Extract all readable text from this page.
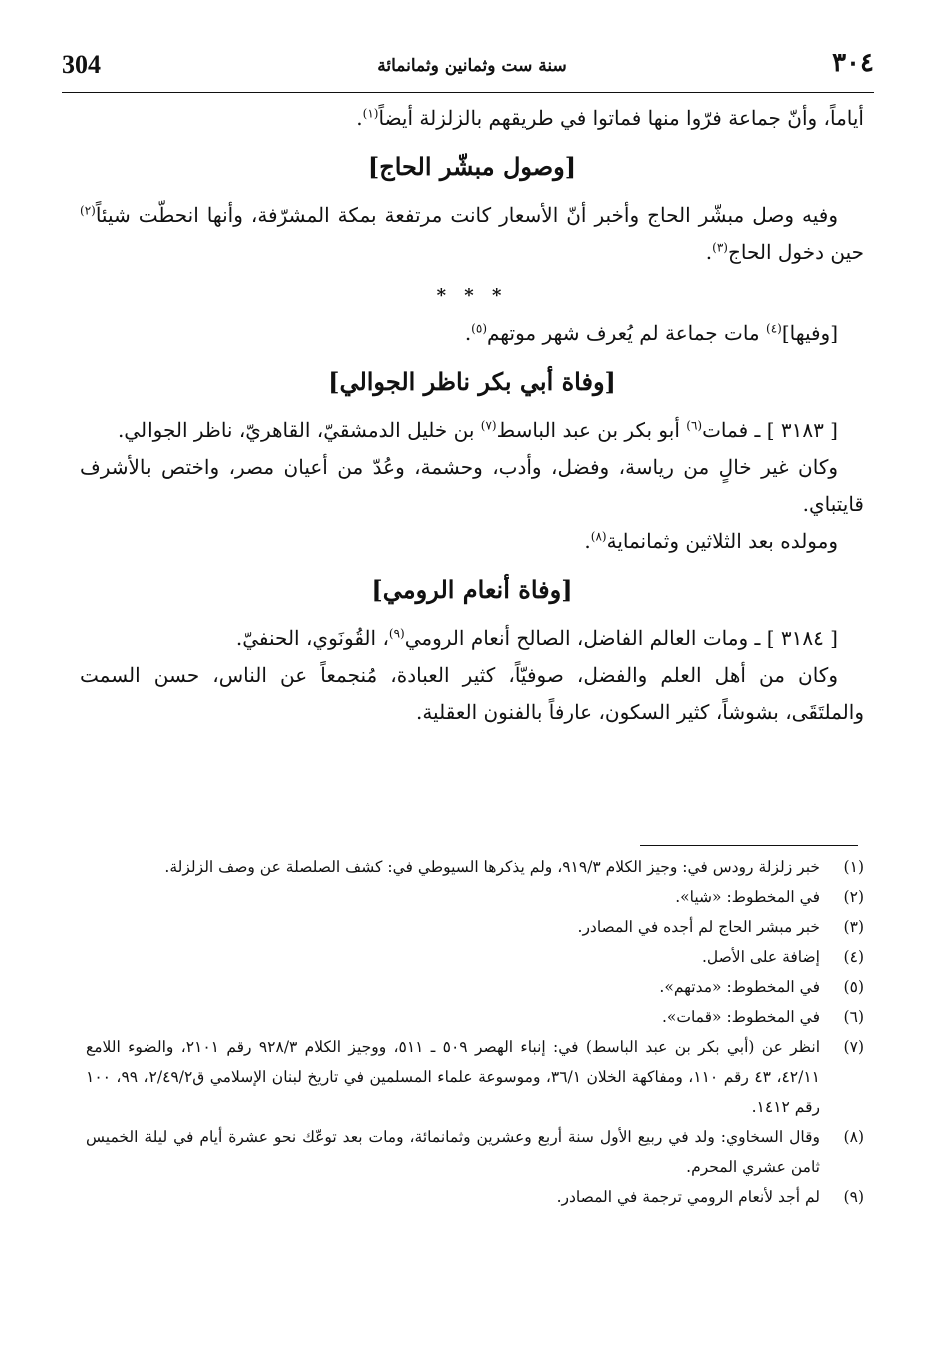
304	سنة ست وثمانين وثمانمائة	٣٠٤

أياماً، وأنّ جماعة فرّوا منها فماتوا في طريقهم بالزلزلة أيضاً$^{(١)}$.

[وصول مبشّر الحاج]

وفيه وصل مبشّر الحاج وأخبر أنّ الأسعار كانت مرتفعة بمكة المشرّفة، وأنها انحطّت شيئاً$^{(٢)}$ حين دخول الحاج$^{(٣)}$.

* * *

[وفيها]$^{(٤)}$ مات جماعة لم يُعرف شهر موتهم$^{(٥)}$.

[وفاة أبي بكر ناظر الجوالي]

[ ٣١٨٣ ] ـ فمات$^{(٦)}$ أبو بكر بن عبد الباسط$^{(٧)}$ بن خليل الدمشقيّ، القاهريّ، ناظر الجوالي.

وكان غير خالٍ من رياسة، وفضل، وأدب، وحشمة، وعُدّ من أعيان مصر، واختص بالأشرف قايتباي.

ومولده بعد الثلاثين وثمانماية$^{(٨)}$.

[وفاة أنعام الرومي]

[ ٣١٨٤ ] ـ ومات العالم الفاضل، الصالح أنعام الرومي$^{(٩)}$، القُونَوي، الحنفيّ.

وكان من أهل العلم والفضل، صوفيّاً، كثير العبادة، مُنجمعاً عن الناس، حسن السمت والملتَقَى، بشوشاً، كثير السكون، عارفاً بالفنون العقلية.

(١)
خبر زلزلة رودس في: وجيز الكلام ٩١٩/٣، ولم يذكرها السيوطي في: كشف الصلصلة عن وصف الزلزلة.
(٢)
في المخطوط: «شيا».
(٣)
خبر مبشر الحاج لم أجده في المصادر.
(٤)
إضافة على الأصل.
(٥)
في المخطوط: «مدتهم».
(٦)
في المخطوط: «قمات».
(٧)
انظر عن (أبي بكر بن عبد الباسط) في: إنباء الهصر ٥٠٩ ـ ٥١١، ووجيز الكلام ٩٢٨/٣ رقم ٢١٠١، والضوء اللامع ٤٢/١١، ٤٣ رقم ١١٠، ومفاكهة الخلان ٣٦/١، وموسوعة علماء المسلمين في تاريخ لبنان الإسلامي ق٢/٤٩/٢، ٩٩، ١٠٠ رقم ١٤١٢.
(٨)
وقال السخاوي: ولد في ربيع الأول سنة أربع وعشرين وثمانمائة، ومات بعد توعّك نحو عشرة أيام في ليلة الخميس ثامن عشري المحرم.
(٩)
لم أجد لأنعام الرومي ترجمة في المصادر.
